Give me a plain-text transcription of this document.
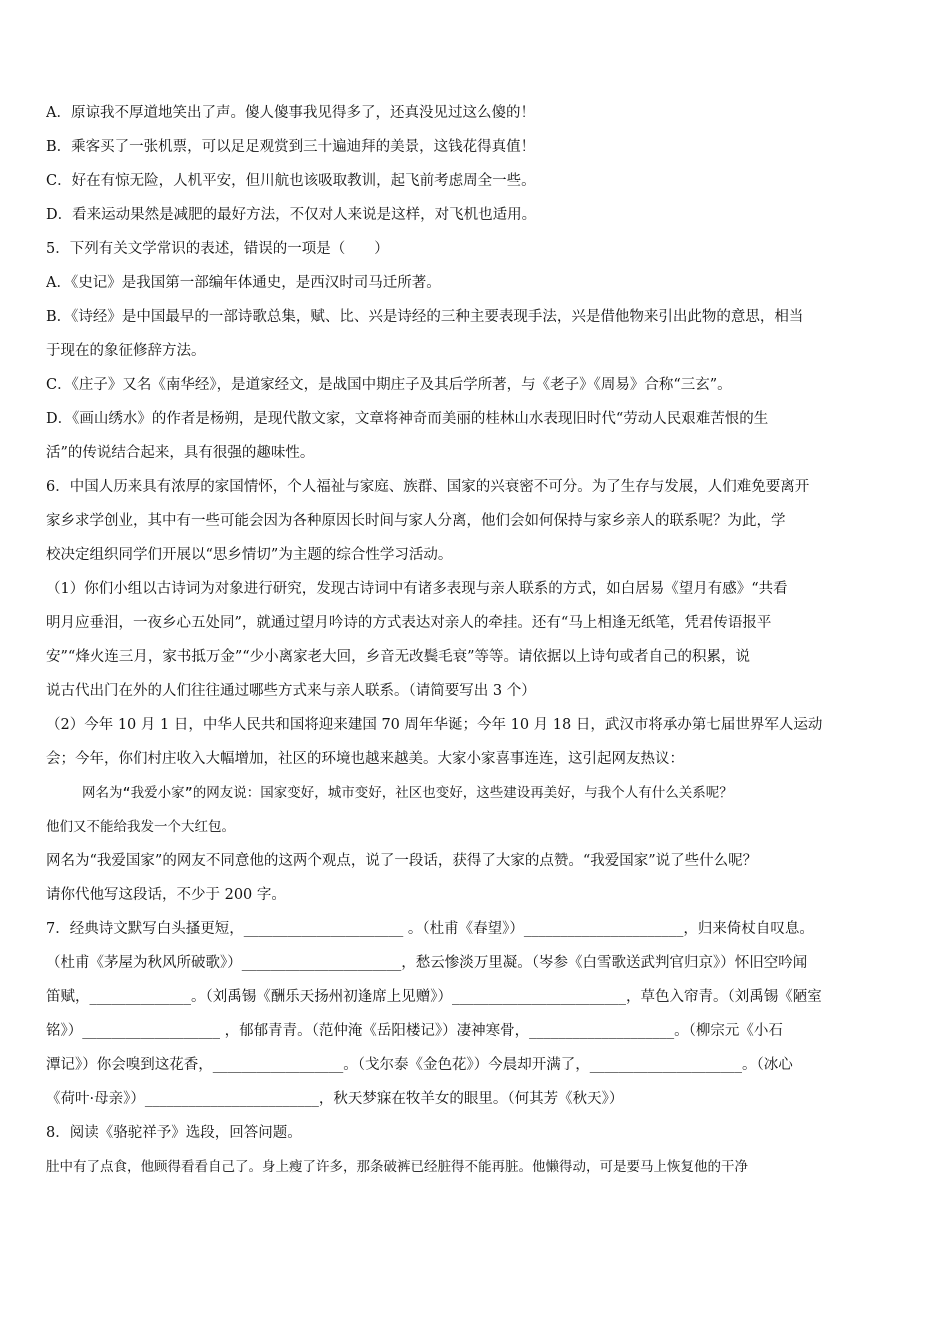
A．原谅我不厚道地笑出了声。傻人傻事我见得多了，还真没见过这么傻的！
B．乘客买了一张机票，可以足足观赏到三十遍迪拜的美景，这钱花得真值！
C．好在有惊无险，人机平安，但川航也该吸取教训，起飞前考虑周全一些。
D．看来运动果然是减肥的最好方法，不仅对人来说是这样，对飞机也适用。
5．下列有关文学常识的表述，错误的一项是（　　）
A．《史记》是我国第一部编年体通史，是西汉时司马迁所著。
B．《诗经》是中国最早的一部诗歌总集，赋、比、兴是诗经的三种主要表现手法，兴是借他物来引出此物的意思，相当
于现在的象征修辞方法。
C．《庄子》又名《南华经》，是道家经文，是战国中期庄子及其后学所著，与《老子》《周易》合称“三玄”。
D．《画山绣水》的作者是杨朔，是现代散文家，文章将神奇而美丽的桂林山水表现旧时代“劳动人民艰难苦恨的生
活”的传说结合起来，具有很强的趣味性。
6．中国人历来具有浓厚的家国情怀，个人福祉与家庭、族群、国家的兴衰密不可分。为了生存与发展，人们难免要离开
家乡求学创业，其中有一些可能会因为各种原因长时间与家人分离，他们会如何保持与家乡亲人的联系呢？为此，学
校决定组织同学们开展以“思乡情切”为主题的综合性学习活动。
（1）你们小组以古诗词为对象进行研究，发现古诗词中有诸多表现与亲人联系的方式，如白居易《望月有感》“共看
明月应垂泪，一夜乡心五处同”，就通过望月吟诗的方式表达对亲人的牵挂。还有“马上相逢无纸笔，凭君传语报平
安”“烽火连三月，家书抵万金”“少小离家老大回，乡音无改鬓毛衰”等等。请依据以上诗句或者自己的积累，说
说古代出门在外的人们往往通过哪些方式来与亲人联系。（请简要写出 3 个）
（2）今年 10 月 1 日，中华人民共和国将迎来建国 70 周年华诞；今年 10 月 18 日，武汉市将承办第七届世界军人运动
会；今年，你们村庄收入大幅增加，社区的环境也越来越美。大家小家喜事连连，这引起网友热议：
网名为“我爱小家”的网友说：国家变好，城市变好，社区也变好，这些建设再美好，与我个人有什么关系呢？
他们又不能给我发一个大红包。
网名为“我爱国家”的网友不同意他的这两个观点，说了一段话，获得了大家的点赞。“我爱国家”说了些什么呢？
请你代他写这段话，不少于 200 字。
7．经典诗文默写白头搔更短，______________________ 。（杜甫《春望》）______________________，归来倚杖自叹息。
（杜甫《茅屋为秋风所破歌》）______________________，愁云惨淡万里凝。（岑参《白雪歌送武判官归京》）怀旧空吟闻
笛赋，______________。（刘禹锡《酬乐天扬州初逢席上见赠》）________________________，草色入帘青。（刘禹锡《陋室
铭》）___________________ ，郁郁青青。（范仲淹《岳阳楼记》）凄神寒骨，____________________。（柳宗元《小石
潭记》）你会嗅到这花香，__________________。（戈尔泰《金色花》）今晨却开满了，_____________________。（冰心
《荷叶·母亲》）________________________，秋天梦寐在牧羊女的眼里。（何其芳《秋天》）
8．阅读《骆驼祥予》选段，回答问题。
肚中有了点食，他顾得看看自己了。身上瘦了许多，那条破裤已经脏得不能再脏。他懒得动，可是要马上恢复他的干净
